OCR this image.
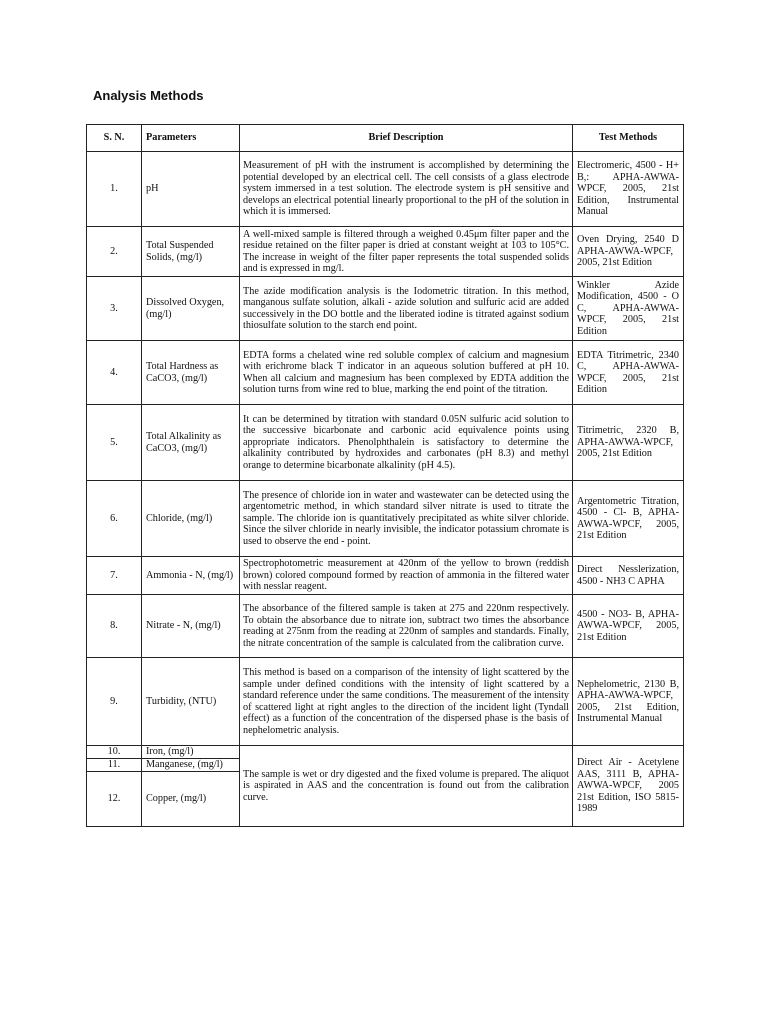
Analysis Methods
S. N.	Parameters	Brief Description	Test Methods
1.	pH	Measurement of pH with the instrument is accomplished by determining the potential developed by an electrical cell. The cell consists of a glass electrode system immersed in a test solution. The electrode system is pH sensitive and develops an electrical potential linearly proportional to the pH of the solution in which it is immersed.	Electromeric, 4500 - H+ B,: APHA-AWWA-WPCF, 2005, 21st Edition, Instrumental Manual
2.	Total Suspended Solids, (mg/l)	A well-mixed sample is filtered through a weighed 0.45μm filter paper and the residue retained on the filter paper is dried at constant weight at 103 to 105°C. The increase in weight of the filter paper represents the total suspended solids and is expressed in mg/l.	Oven Drying, 2540 D APHA-AWWA-WPCF, 2005, 21st Edition
3.	Dissolved Oxygen, (mg/l)	The azide modification analysis is the Iodometric titration. In this method, manganous sulfate solution, alkali - azide solution and sulfuric acid are added successively in the DO bottle and the liberated iodine is titrated against sodium thiosulfate solution to the starch end point.	Winkler Azide Modification, 4500 - O C, APHA-AWWA-WPCF, 2005, 21st Edition
4.	Total Hardness as CaCO3, (mg/l)	EDTA forms a chelated wine red soluble complex of calcium and magnesium with erichrome black T indicator in an aqueous solution buffered at pH 10. When all calcium and magnesium has been complexed by EDTA addition the solution turns from wine red to blue, marking the end point of the titration.	EDTA Titrimetric, 2340 C, APHA-AWWA-WPCF, 2005, 21st Edition
5.	Total Alkalinity as CaCO3, (mg/l)	It can be determined by titration with standard 0.05N sulfuric acid solution to the successive bicarbonate and carbonic acid equivalence points using appropriate indicators. Phenolphthalein is satisfactory to determine the alkalinity contributed by hydroxides and carbonates (pH 8.3) and methyl orange to determine bicarbonate alkalinity (pH 4.5).	Titrimetric, 2320 B, APHA-AWWA-WPCF, 2005, 21st Edition
6.	Chloride, (mg/l)	The presence of chloride ion in water and wastewater can be detected using the argentometric method, in which standard silver nitrate is used to titrate the sample. The chloride ion is quantitatively precipitated as white silver chloride. Since the silver chloride in nearly invisible, the indicator potassium chromate is used to observe the end - point.	Argentometric Titration, 4500 - Cl- B, APHA-AWWA-WPCF, 2005, 21st Edition
7.	Ammonia - N, (mg/l)	Spectrophotometric measurement at 420nm of the yellow to brown (reddish brown) colored compound formed by reaction of ammonia in the filtered water with nesslar reagent.	Direct Nesslerization, 4500 - NH3 C APHA
8.	Nitrate - N, (mg/l)	The absorbance of the filtered sample is taken at 275 and 220nm respectively. To obtain the absorbance due to nitrate ion, subtract two times the absorbance reading at 275nm from the reading at 220nm of samples and standards. Finally, the nitrate concentration of the sample is calculated from the calibration curve.	4500 - NO3- B, APHA-AWWA-WPCF, 2005, 21st Edition
9.	Turbidity, (NTU)	This method is based on a comparison of the intensity of light scattered by the sample under defined conditions with the intensity of light scattered by a standard reference under the same conditions. The measurement of the intensity of scattered light at right angles to the direction of the incident light (Tyndall effect) as a function of the concentration of the dispersed phase is the basis of nephelometric analysis.	Nephelometric, 2130 B, APHA-AWWA-WPCF, 2005, 21st Edition, Instrumental Manual
10.	Iron, (mg/l)	The sample is wet or dry digested and the fixed volume is prepared. The aliquot is aspirated in AAS and the concentration is found out from the calibration curve.	Direct Air - Acetylene AAS, 3111 B, APHA-AWWA-WPCF, 2005 21st Edition, ISO 5815-1989
11.	Manganese, (mg/l)		
12.	Copper, (mg/l)		
